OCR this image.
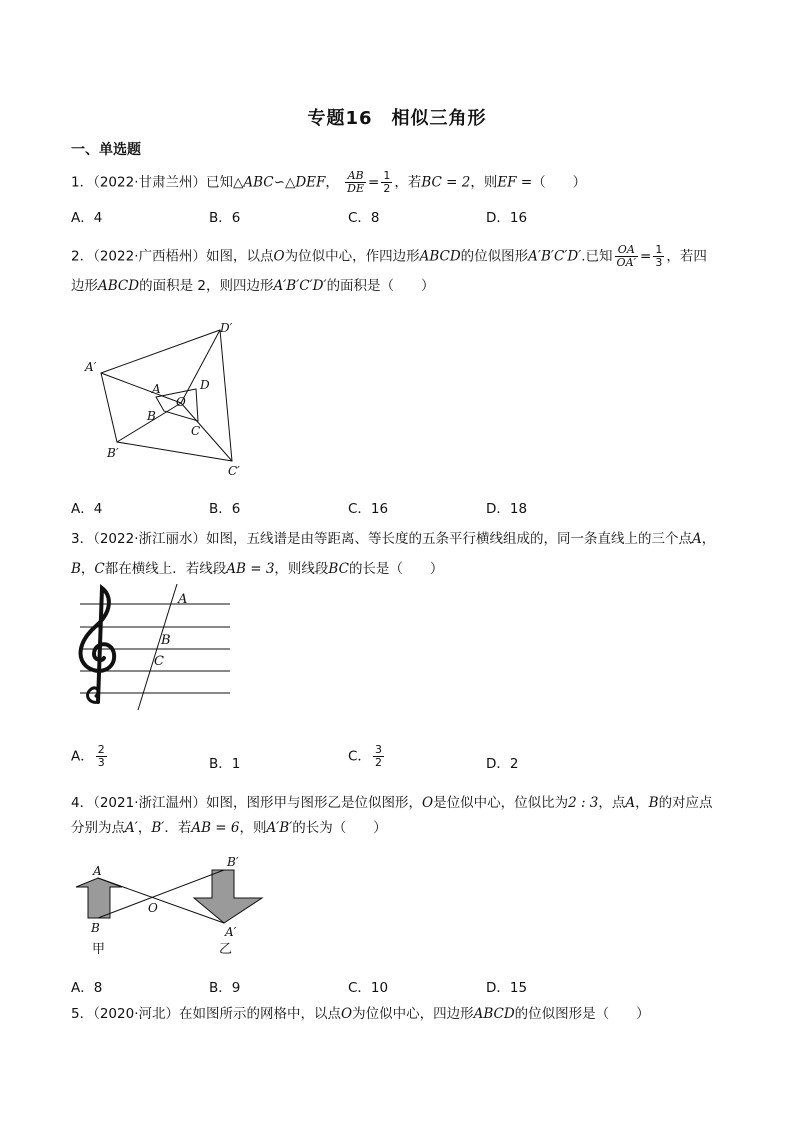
专题16　相似三角形
一、单选题
1．（2022·甘肃兰州）已知△ABC∽△DEF， $\frac{AB}{DE} = \frac{1}{2}$ ，若BC = 2，则EF =（　　）
A．4	B．6	C．8	D．16
2．（2022·广西梧州）如图，以点O为位似中心，作四边形ABCD的位似图形A′B′C′D′.已知 $\frac{OA}{OA'} = \frac{1}{3}$ ，若四
边形ABCD的面积是 2，则四边形A′B′C′D′的面积是（　　）
A′
D′
C′
B′
A	D
C
B
O
A．4	B．6	C．16	D．18
3．（2022·浙江丽水）如图，五线谱是由等距离、等长度的五条平行横线组成的，同一条直线上的三个点A，
B，C都在横线上．若线段AB = 3，则线段BC的长是（　　）
A
B
C
A． $\frac{2}{3}$	B．1	C． $\frac{3}{2}$	D．2
4．（2021·浙江温州）如图，图形甲与图形乙是位似图形，O是位似中心，位似比为2 : 3，点A，B的对应点
分别为点A′，B′．若AB = 6，则A′B′的长为（　　）
A
B
O
B′
A′
甲	乙
A．8	B．9	C．10	D．15
5．（2020·河北）在如图所示的网格中，以点O为位似中心，四边形ABCD的位似图形是（　　）
